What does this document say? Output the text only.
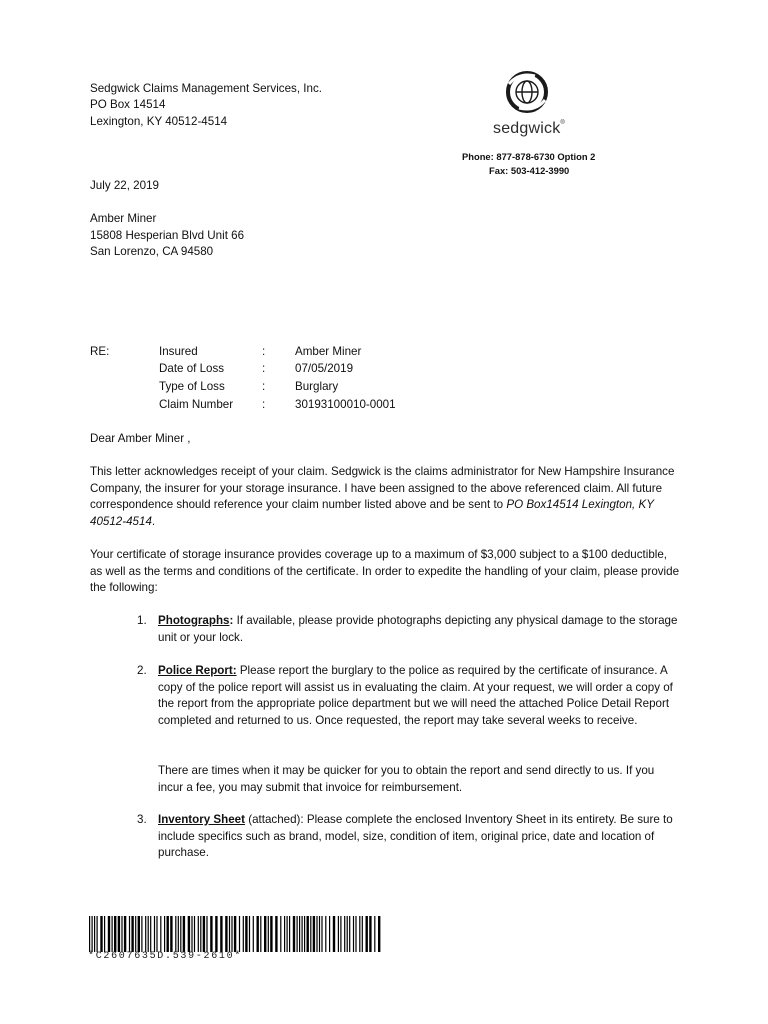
Sedgwick Claims Management Services, Inc.
PO Box 14514
Lexington, KY 40512-4514	sedgwick®
Phone: 877-878-6730 Option 2
Fax: 503-412-3990
July 22, 2019
Amber Miner
15808 Hesperian Blvd Unit 66
San Lorenzo, CA 94580
RE:	Insured	:	Amber Miner
Date of Loss	:	07/05/2019
Type of Loss	:	Burglary
Claim Number :	30193100010-0001
Dear Amber Miner ,
This letter acknowledges receipt of your claim. Sedgwick is the claims administrator for New Hampshire Insurance Company, the insurer for your storage insurance. I have been assigned to the above referenced claim. All future correspondence should reference your claim number listed above and be sent to PO Box14514 Lexington, KY 40512-4514.
Your certificate of storage insurance provides coverage up to a maximum of $3,000 subject to a $100 deductible, as well as the terms and conditions of the certificate. In order to expedite the handling of your claim, please provide the following:
1. Photographs: If available, please provide photographs depicting any physical damage to the storage unit or your lock.
2. Police Report: Please report the burglary to the police as required by the certificate of insurance. A copy of the police report will assist us in evaluating the claim. At your request, we will order a copy of the report from the appropriate police department but we will need the attached Police Detail Report completed and returned to us. Once requested, the report may take several weeks to receive.
There are times when it may be quicker for you to obtain the report and send directly to us. If you incur a fee, you may submit that invoice for reimbursement.
3. Inventory Sheet (attached): Please complete the enclosed Inventory Sheet in its entirety. Be sure to include specifics such as brand, model, size, condition of item, original price, date and location of purchase.
*C2607635D.539-2610*
